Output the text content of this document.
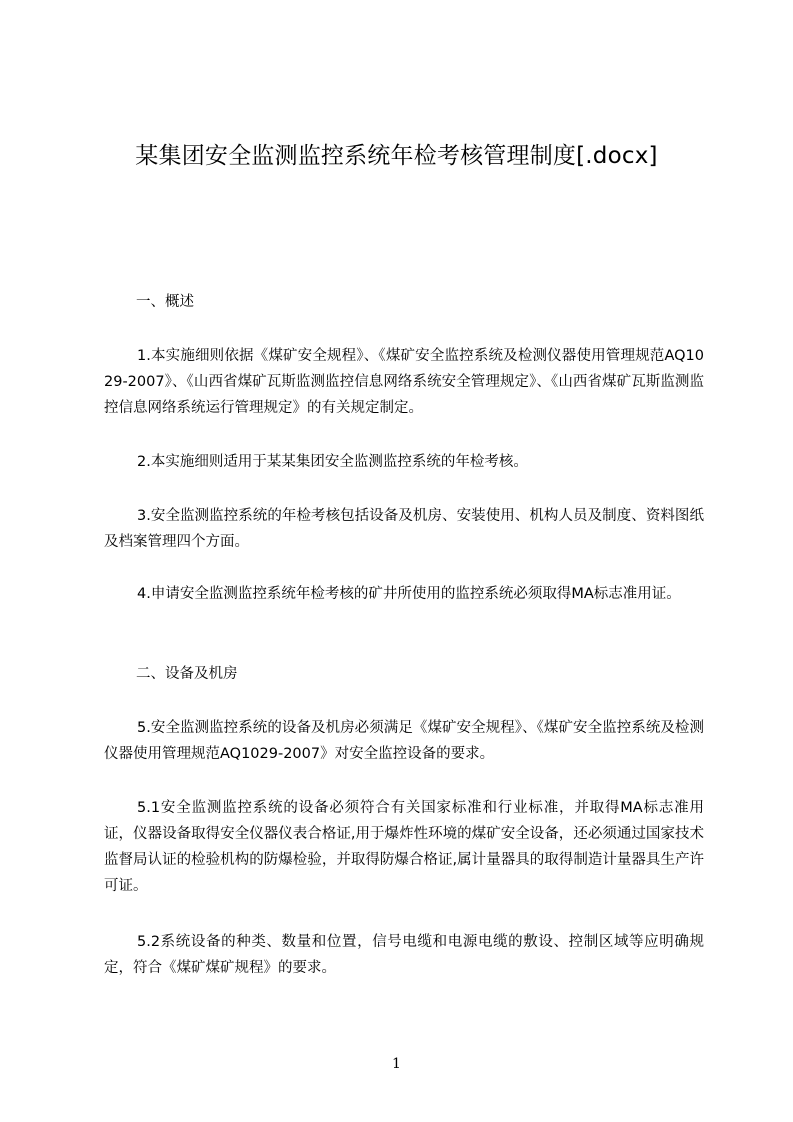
某集团安全监测监控系统年检考核管理制度[.docx]
一、概述

1.本实施细则依据《煤矿安全规程》、《煤矿安全监控系统及检测仪器使用管理规范AQ1029-2007》、《山西省煤矿瓦斯监测监控信息网络系统安全管理规定》、《山西省煤矿瓦斯监测监控信息网络系统运行管理规定》的有关规定制定。

2.本实施细则适用于某某集团安全监测监控系统的年检考核。

3.安全监测监控系统的年检考核包括设备及机房、安装使用、机构人员及制度、资料图纸及档案管理四个方面。

4.申请安全监测监控系统年检考核的矿井所使用的监控系统必须取得MA标志准用证。

二、设备及机房

5.安全监测监控系统的设备及机房必须满足《煤矿安全规程》、《煤矿安全监控系统及检测仪器使用管理规范AQ1029-2007》对安全监控设备的要求。

5.1安全监测监控系统的设备必须符合有关国家标准和行业标准，并取得MA标志准用证，仪器设备取得安全仪器仪表合格证,用于爆炸性环境的煤矿安全设备，还必须通过国家技术监督局认证的检验机构的防爆检验，并取得防爆合格证,属计量器具的取得制造计量器具生产许可证。

5.2系统设备的种类、数量和位置，信号电缆和电源电缆的敷设、控制区域等应明确规定，符合《煤矿煤矿规程》的要求。

1
